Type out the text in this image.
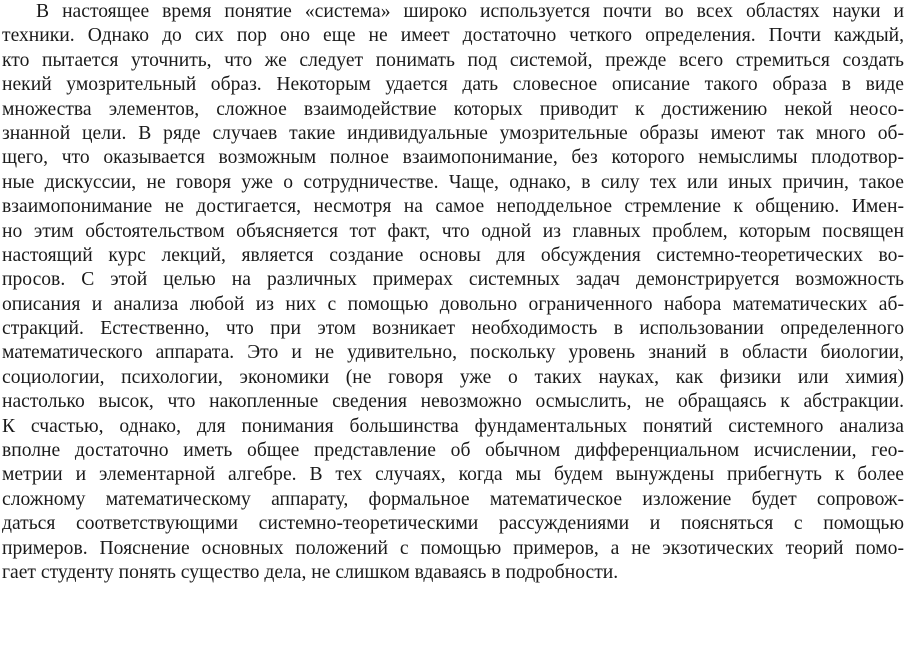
В настоящее время понятие «система» широко используется почти во всех областях науки и
техники. Однако до сих пор оно еще не имеет достаточно четкого определения. Почти каждый,
кто пытается уточнить, что же следует понимать под системой, прежде всего стремиться создать
некий умозрительный образ. Некоторым удается дать словесное описание такого образа в виде
множества элементов, сложное взаимодействие которых приводит к достижению некой неосо-
знанной цели. В ряде случаев такие индивидуальные умозрительные образы имеют так много об-
щего, что оказывается возможным полное взаимопонимание, без которого немыслимы плодотвор-
ные дискуссии, не говоря уже о сотрудничестве. Чаще, однако, в силу тех или иных причин, такое
взаимопонимание не достигается, несмотря на самое неподдельное стремление к общению. Имен-
но этим обстоятельством объясняется тот факт, что одной из главных проблем, которым посвящен
настоящий курс лекций, является создание основы для обсуждения системно-теоретических во-
просов. С этой целью на различных примерах системных задач демонстрируется возможность
описания и анализа любой из них с помощью довольно ограниченного набора математических аб-
стракций. Естественно, что при этом возникает необходимость в использовании определенного
математического аппарата. Это и не удивительно, поскольку уровень знаний в области биологии,
социологии, психологии, экономики (не говоря уже о таких науках, как физики или химия)
настолько высок, что накопленные сведения невозможно осмыслить, не обращаясь к абстракции.
К счастью, однако, для понимания большинства фундаментальных понятий системного анализа
вполне достаточно иметь общее представление об обычном дифференциальном исчислении, гео-
метрии и элементарной алгебре. В тех случаях, когда мы будем вынуждены прибегнуть к более
сложному математическому аппарату, формальное математическое изложение будет сопровож-
даться соответствующими системно-теоретическими рассуждениями и поясняться с помощью
примеров. Пояснение основных положений с помощью примеров, а не экзотических теорий помо-
гает студенту понять существо дела, не слишком вдаваясь в подробности.
